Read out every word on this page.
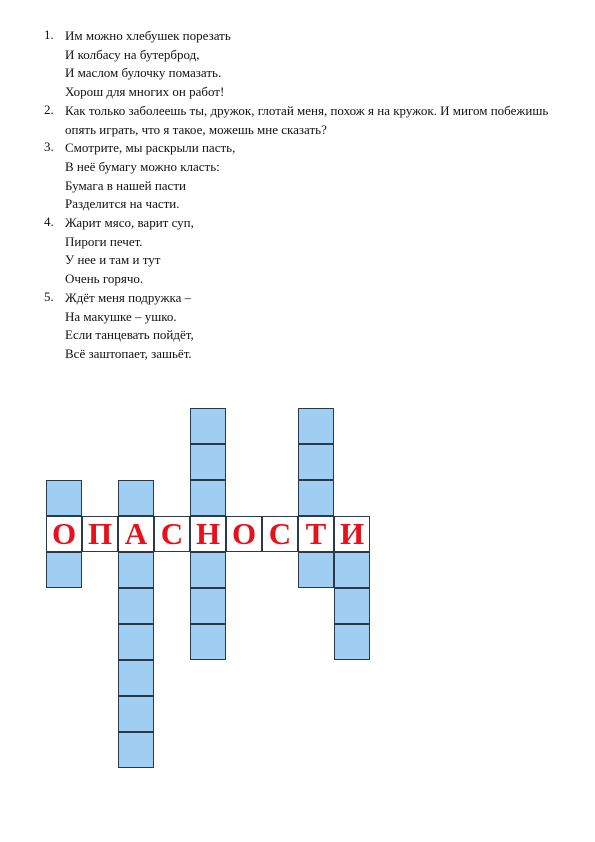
1. Им можно хлебушек порезать
И колбасу на бутерброд,
И маслом булочку помазать.
Хорош для многих он работ!
2. Как только заболеешь ты, дружок, глотай меня, похож я на кружок. И мигом побежишь опять играть, что я такое, можешь мне сказать?
3. Смотрите, мы раскрыли пасть,
В неё бумагу можно класть:
Бумага в нашей пасти
Разделится на части.
4. Жарит мясо, варит суп,
Пироги печет.
У нее и там и тут
Очень горячо.
5. Ждёт меня подружка –
На макушке – ушко.
Если танцевать пойдёт,
Всё заштопает, зашьёт.
О П А С Н О С Т И
